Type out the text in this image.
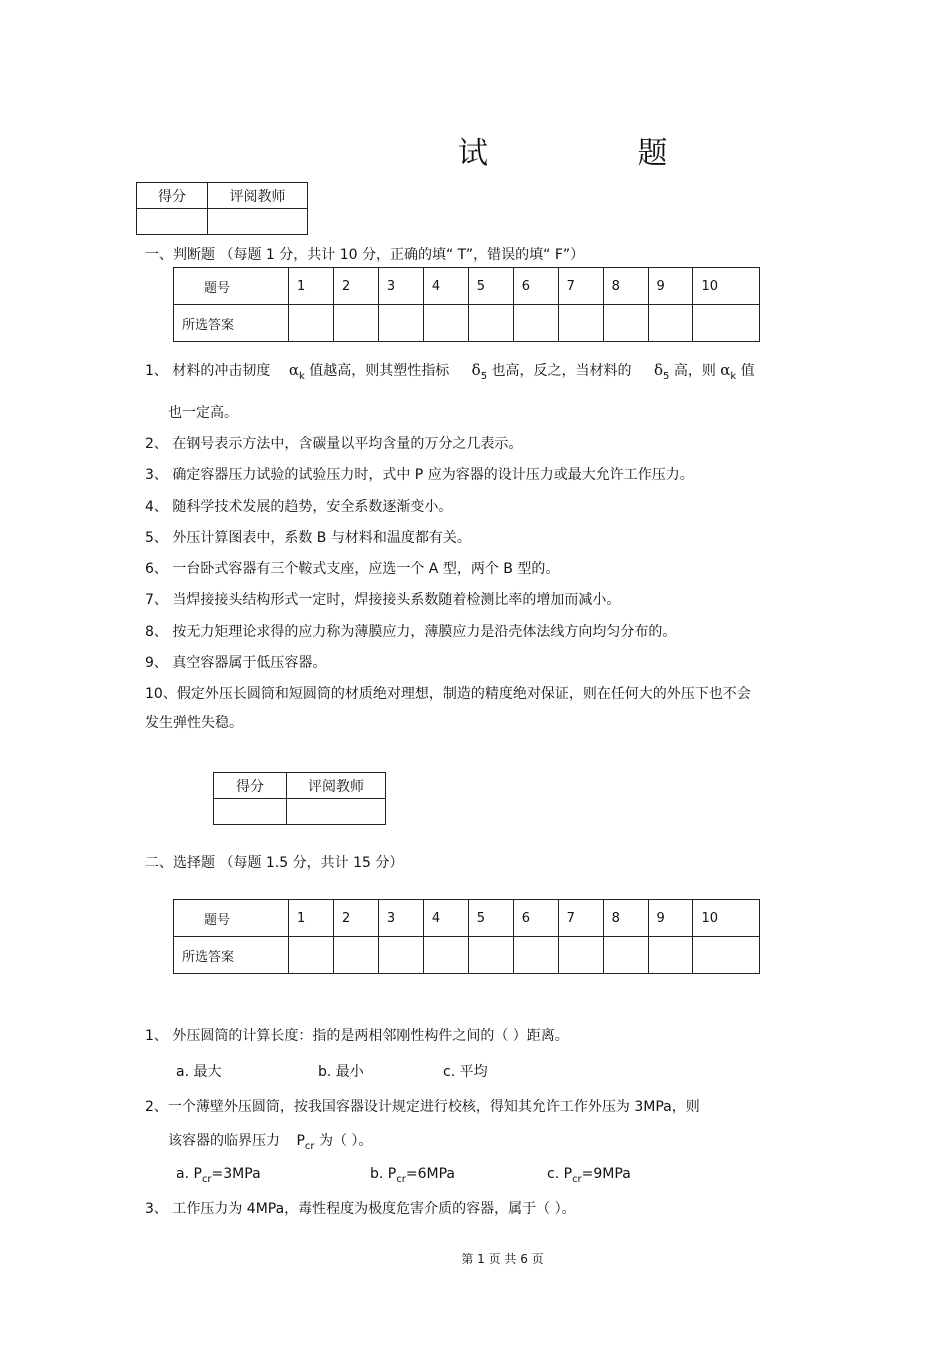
试 题
得分	评阅教师

一、判断题 （每题 1 分，共计 10 分，正确的填“ T”，错误的填“ F”）
题号	1	2	3	4	5	6	7	8	9	10
所选答案										
1、 材料的冲击韧度 $\alpha_k$ 值越高，则其塑性指标 $\delta_5$ 也高，反之，当材料的 $\delta_5$ 高，则 $\alpha_k$ 值
也一定高。
2、 在钢号表示方法中，含碳量以平均含量的万分之几表示。
3、 确定容器压力试验的试验压力时，式中 P 应为容器的设计压力或最大允许工作压力。
4、 随科学技术发展的趋势，安全系数逐渐变小。
5、 外压计算图表中，系数 B 与材料和温度都有关。
6、 一台卧式容器有三个鞍式支座，应选一个 A 型，两个 B 型的。
7、 当焊接接头结构形式一定时，焊接接头系数随着检测比率的增加而减小。
8、 按无力矩理论求得的应力称为薄膜应力，薄膜应力是沿壳体法线方向均匀分布的。
9、 真空容器属于低压容器。
10、假定外压长圆筒和短圆筒的材质绝对理想，制造的精度绝对保证，则在任何大的外压下也不会
发生弹性失稳。
得分	评阅教师

二、选择题 （每题 1.5 分，共计 15 分）
题号	1	2	3	4	5	6	7	8	9	10
所选答案										
1、 外压圆筒的计算长度：指的是两相邻刚性构件之间的（ ）距离。
a. 最大	b. 最小	c. 平均
2、一个薄壁外压圆筒，按我国容器设计规定进行校核，得知其允许工作外压为 3MPa，则
该容器的临界压力 $P_{cr}$ 为（ ）。
a. $P_{cr}=3MPa$	b. $P_{cr}=6MPa$	c. $P_{cr}=9MPa$
3、 工作压力为 4MPa，毒性程度为极度危害介质的容器，属于（ ）。
第 1 页 共 6 页
